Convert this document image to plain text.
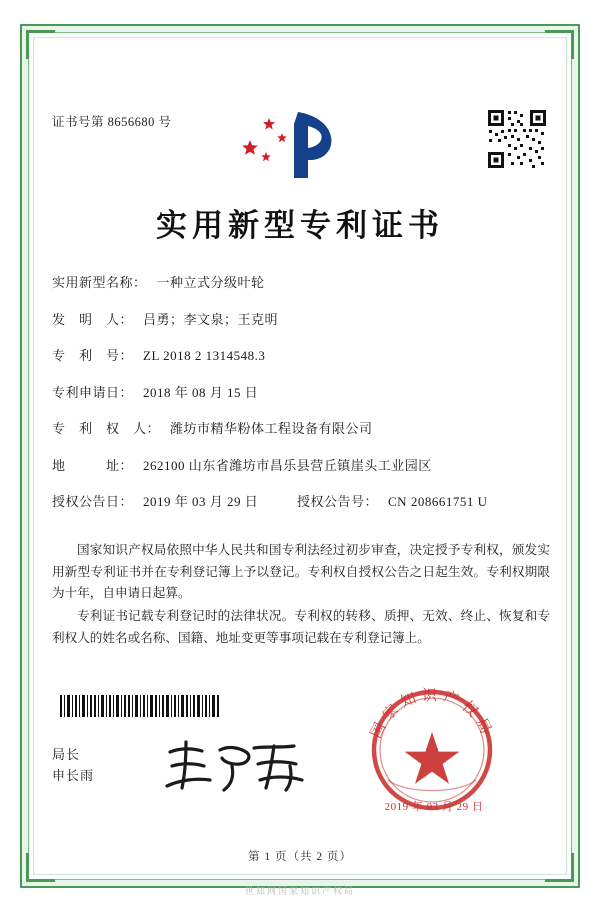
证书号第 8656680 号
实用新型专利证书
实用新型名称： 一种立式分级叶轮
发　明　人： 吕勇；李文泉；王克明
专　利　号： ZL 2018 2 1314548.3
专利申请日： 2018 年 08 月 15 日
专　利　权　人： 潍坊市精华粉体工程设备有限公司
地　　　址： 262100 山东省潍坊市昌乐县营丘镇崖头工业园区
授权公告日： 2019 年 03 月 29 日	授权公告号： CN 208661751 U

国家知识产权局依照中华人民共和国专利法经过初步审查，决定授予专利权，颁发实用新型专利证书并在专利登记簿上予以登记。专利权自授权公告之日起生效。专利权期限为十年，自申请日起算。

专利证书记载专利登记时的法律状况。专利权的转移、质押、无效、终止、恢复和专利权人的姓名或名称、国籍、地址变更等事项记载在专利登记簿上。

局长
申长雨
国家知识产权局
2019 年 03 月 29 日
第 1 页（共 2 页）
世知网国家知识产权局
